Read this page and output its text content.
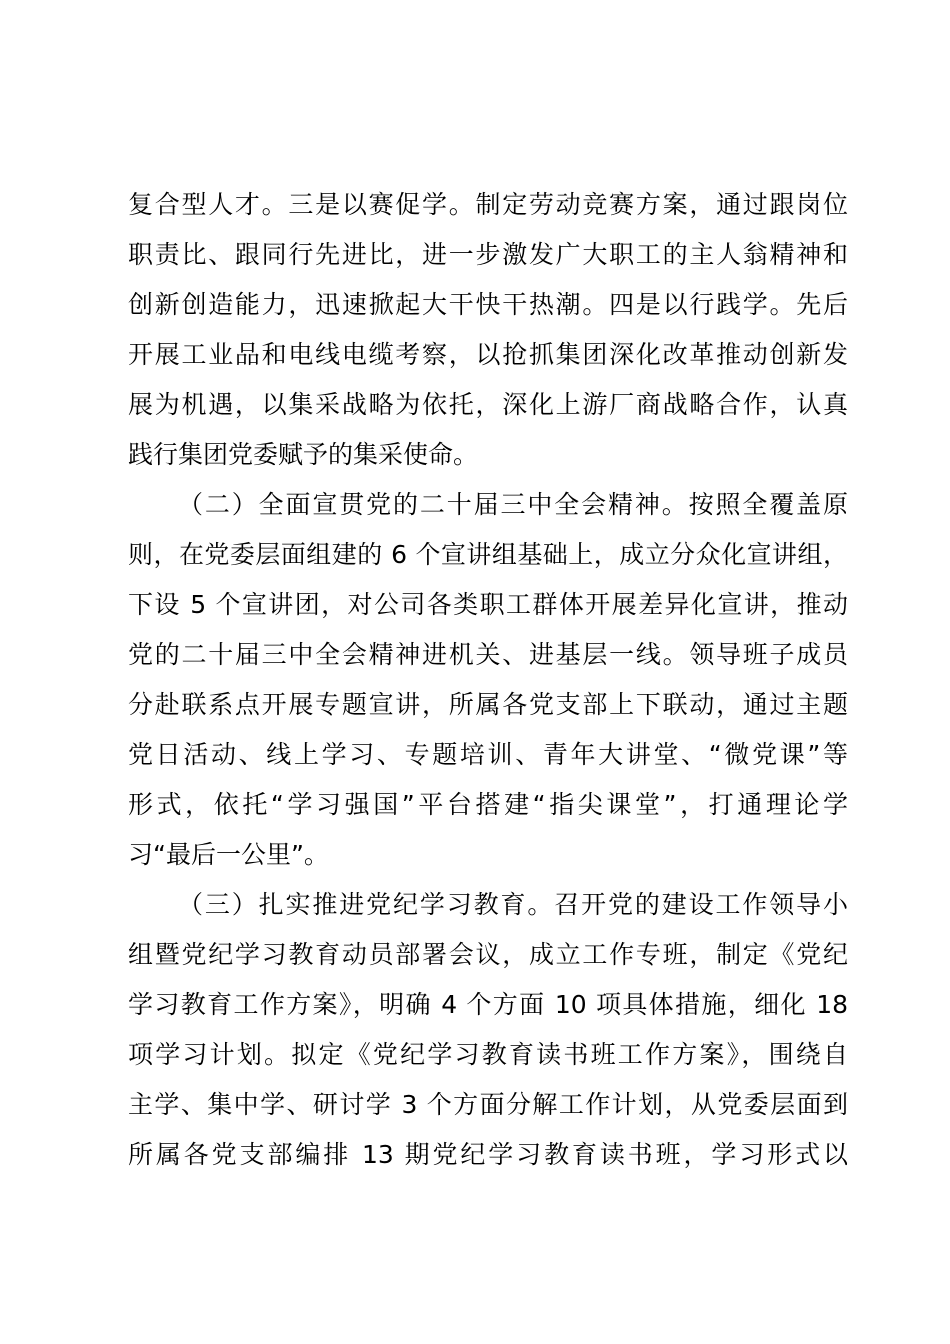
复合型人才。三是以赛促学。制定劳动竞赛方案，通过跟岗位
职责比、跟同行先进比，进一步激发广大职工的主人翁精神和
创新创造能力，迅速掀起大干快干热潮。四是以行践学。先后
开展工业品和电线电缆考察，以抢抓集团深化改革推动创新发
展为机遇，以集采战略为依托，深化上游厂商战略合作，认真
践行集团党委赋予的集采使命。
（二）全面宣贯党的二十届三中全会精神。按照全覆盖原
则，在党委层面组建的 6 个宣讲组基础上，成立分众化宣讲组，
下设 5 个宣讲团，对公司各类职工群体开展差异化宣讲，推动
党的二十届三中全会精神进机关、进基层一线。领导班子成员
分赴联系点开展专题宣讲，所属各党支部上下联动，通过主题
党日活动、线上学习、专题培训、青年大讲堂、“微党课”等
形式，依托“学习强国”平台搭建“指尖课堂”，打通理论学
习“最后一公里”。
（三）扎实推进党纪学习教育。召开党的建设工作领导小
组暨党纪学习教育动员部署会议，成立工作专班，制定《党纪
学习教育工作方案》，明确 4 个方面 10 项具体措施，细化 18
项学习计划。拟定《党纪学习教育读书班工作方案》，围绕自
主学、集中学、研讨学 3 个方面分解工作计划，从党委层面到
所属各党支部编排 13 期党纪学习教育读书班，学习形式以
